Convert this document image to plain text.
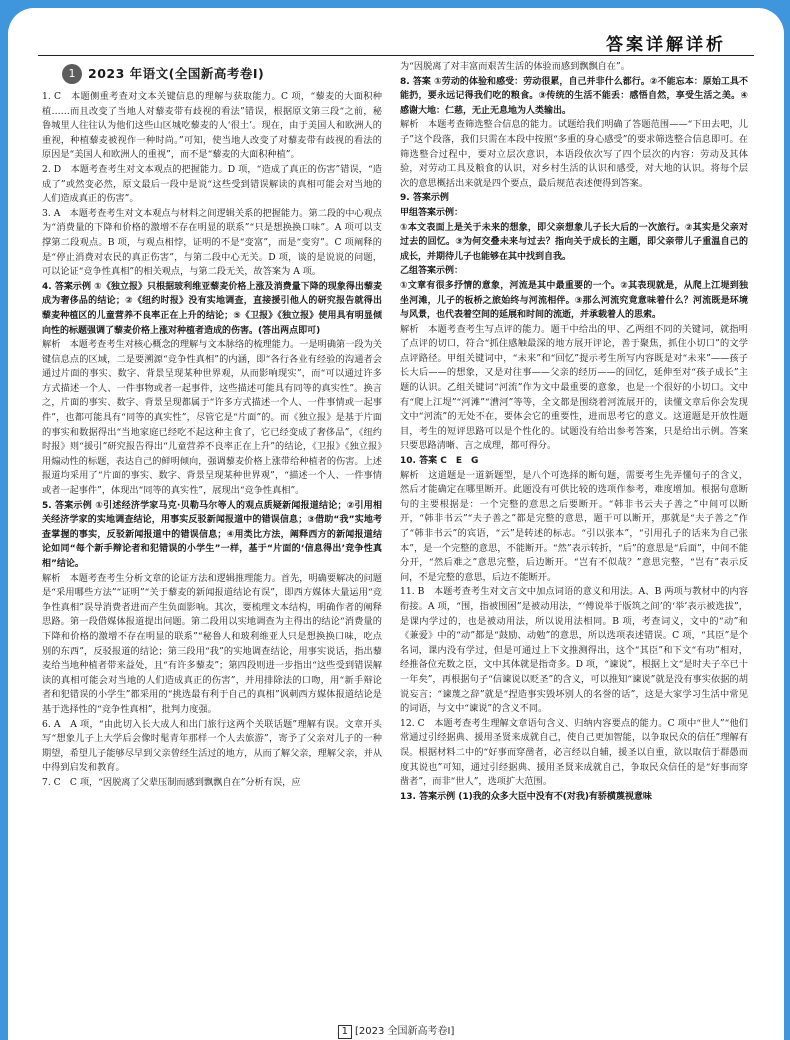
答案详解详析
1	2023 年语文(全国新高考卷Ⅰ)

1. C　本题侧重考查对文本关键信息的理解与获取能力。C 项，“藜麦的大面积种植……而且改变了当地人对藜麦带有歧视的看法”错误，根据原文第三段“之前，秘鲁城里人往往认为他们这些山区城吃藜麦的人‘很土’。现在，由于美国人和欧洲人的重视，种植藜麦被视作一种时尚。”可知，使当地人改变了对藜麦带有歧视的看法的原因是“美国人和欧洲人的重视”，而不是“藜麦的大面积种植”。

2. D　本题考查考生对文本观点的把握能力。D 项，“造成了真正的伤害”错误，“造成了”或然变必然，原文最后一段中是说“这些受到错误解读的真相可能会对当地的人们造成真正的伤害”。

3. A　本题考查考生对文本观点与材料之间逻辑关系的把握能力。第二段的中心观点为“消费量的下降和价格的激增不存在明显的联系”“只是想换换口味”。A 项可以支撑第二段观点。B 项，与观点相悖，证明的不是“变富”，而是“变穷”。C 项阐释的是“停止消费对农民的真正伤害”，与第二段中心无关。D 项，谈的是说说的问题，可以论证“竞争性真相”的相关观点，与第二段无关，故答案为 A 项。

4. 答案示例 ①《独立报》只根据玻利维亚藜麦价格上涨及消费量下降的现象得出藜麦成为奢侈品的结论；②《纽约时报》没有实地调查，直接援引他人的研究报告就得出藜麦种植区的儿童营养不良率正在上升的结论；⑤《卫报》《独立报》使用具有明显倾向性的标题强调了藜麦价格上涨对种植者造成的伤害。(答出两点即可)

解析　本题考查考生对核心概念的理解与文本脉络的梳理能力。一是明确第一段为关键信息点的区域，二是要溯源“竞争性真相”的内涵，即“各行各业有经验的沟通者会通过片面的事实、数字、背景呈现某种世界观，从而影响现实”，而“可以通过许多方式描述一个人、一件事物或者一起事件，这些描述可能具有同等的真实性”。换言之，片面的事实、数字、背景呈现都属于“许多方式描述一个人、一件事情或一起事件”，也都可能具有“同等的真实性”，尽管它是“片面”的。而《独立报》是基于片面的事实和数据得出“当地家庭已经吃不起这种主食了，它已经变成了奢侈品”，《纽约时报》则“援引”研究报告得出“儿童营养不良率正在上升”的结论，《卫报》《独立报》用煽动性的标题，表达自己的鲜明倾向，强调藜麦价格上涨带给种植者的伤害。上述报道均采用了“片面的事实、数字、背景呈现某种世界观”，“描述一个人、一件事情或者一起事件”，体现出“同等的真实性”，展现出“竞争性真相”。

5. 答案示例 ①引述经济学家马克·贝勒马尔等人的观点质疑新闻报道结论；②引用相关经济学家的实地调查结论，用事实反驳新闻报道中的错误信息；③借助“我”实地考查掌握的事实，反驳新闻报道中的错误信息；④用类比方法，阐释西方的新闻报道结论如同“每个新手辩论者和犯错误的小学生”一样，基于“片面的‘信息得出’竞争性真相”结论。

解析　本题考查考生分析文章的论证方法和逻辑推理能力。首先，明确要解决的问题是“采用哪些方法”“证明”“关于藜麦的新闻报道结论有误”，即西方媒体大量运用“竞争性真相”误导消费者进而产生负面影响。其次，要梳理文本结构，明确作者的阐释思路。第一段借媒体报道提出问题。第二段用以实地调查为主得出的结论“消费量的下降和价格的激增不存在明显的联系”“秘鲁人和玻利维亚人只是想换换口味，吃点别的东西”，反驳报道的结论；第三段用“我”的实地调查结论，用事实说话，指出藜麦给当地种植者带来益处，且“有许多藜麦”；第四段则进一步指出“这些受到错误解读的真相可能会对当地的人们造成真正的伤害”，并用排除法的口吻，用“新手辩论者和犯错误的小学生”都采用的“挑选最有利于自己的真相”讽刺西方媒体报道结论是基于选择性的“竞争性真相”，批判力度强。

6. A　A 项，“由此切入长大成人和出门旅行这两个关联话题”理解有误。文章开头写“想象儿子上大学后会像时髦青年那样一个人去旅游”，寄予了父亲对儿子的一种期望，希望儿子能够尽早到父亲曾经生活过的地方，从而了解父亲，理解父亲，并从中得到启发和教育。

7. C　C 项，“因脱离了父辈压制而感到飘飘自在”分析有误，应

为“因脱离了对丰富而艰苦生活的体验而感到飘飘自在”。

8. 答案 ①劳动的体验和感受：劳动很累，自己并非什么都行。②不能忘本：原始工具不能扔，要永远记得我们吃的粮食。③传统的生活不能丢：感悟自然，享受生活之美。④感谢大地：仁慈，无止无息地为人类输出。

解析　本题考查筛选整合信息的能力。试题给我们明确了答题范围——“下田去吧，儿子”这个段落，我们只需在本段中按照“多重的身心感受”的要求筛选整合信息即可。在筛选整合过程中，要对立层次意识，本语段依次写了四个层次的内容：劳动及其体验，对劳动工具及粮食的认识，对乡村生活的认识和感受，对大地的认识。将每个层次的意思概括出来就是四个要点，最后规范表述便得到答案。

9. 答案示例

甲组答案示例：

①本文表面上是关于未来的想象，即父亲想象儿子长大后的一次旅行。②其实是父亲对过去的回忆。③为何交叠未来与过去？指向关于成长的主题，即父亲带儿子重温自己的成长，并期待儿子也能够在其中找到自我。

乙组答案示例：

①文章有很多抒情的意象，河流是其中最重要的一个。②其表现就是，从爬上江堤到独坐河滩，儿子的板桥之旅始终与河流相伴。③那么河流究竟意味着什么？河流既是环境与风景，也代表着空间的延展和时间的流逝，并承载着人的思索。

解析　本题考查考生写点评的能力。题干中给出的甲、乙两组不同的关键词，就指明了点评的切口，符合“抓住感触最深的地方展开评论，善于聚焦，抓住小切口”的文学点评路径。甲组关键词中，“未来”和“回忆”提示考生所写内容既是对“未来”——孩子长大后——的想象，又是对往事——父亲的经历——的回忆，延伸至对“孩子成长”主题的认识。乙组关键词“河流”作为文中最重要的意象，也是一个很好的小切口。文中有“爬上江堤”“河滩”“漕河”等等，全文都是围绕着河流展开的，读懂文章后你会发现文中“河流”的无处不在，要体会它的重要性，进而思考它的意义。这道题是开放性题目，考生的短评思路可以是个性化的。试题没有给出参考答案，只是给出示例。答案只要思路清晰、言之成理，都可得分。

10. 答案 C　E　G

解析　这道题是一道新题型，是八个可选择的断句题，需要考生先弄懂句子的含义，然后才能确定在哪里断开。此题没有可供比较的选项作参考，难度增加。根据句意断句的主要根据是：一个完整的意思之后要断开。“韩非书云夫子善之”中间可以断开，“韩非书云”“夫子善之”都是完整的意思，题干可以断开，那就是“夫子善之”作了“韩非书云”的宾语，“云”是转述的标志。“引以张本”，“引用孔子的话来为自己张本”，是一个完整的意思，不能断开。“然”表示转折，“后”的意思是“后面”，中间不能分开，“然后难之”意思完整，后边断开。“岂有不似哉？”意思完整，“岂有”表示反问，不是完整的意思，后边不能断开。

11. B　本题考查考生对文言文中加点词语的意义和用法。A、B 两项与教材中的内容衔接。A 项，“围，指被围困”是被动用法，“‘傅说举于版筑之间’的‘举’表示被选拔”，是课内学过的，也是被动用法，所以说用法相同。B 项，考查词义，文中的“动”和《兼爱》中的“动”都是“鼓励、动勉”的意思，所以选项表述错误。C 项，“其臣”是个名词，课内没有学过，但是可通过上下文推测得出，这个“其臣”和下文“有功”相对，经推备位充数之臣，文中其体就是指奇多。D 项，“谏说”，根据上文“是时夫子卒已十一年矣”，再根据句子“信谏说以贬圣”的含义，可以推知“谏说”就是没有事实依据的胡说妄言；“谏蔑之辞”就是“捏造事实毁坏别人的名誉的话”，这是大家学习生活中常见的词语，与文中“谏说”的含义不同。

12. C　本题考查考生理解文章语句含义、归纳内容要点的能力。C 项中“世人”“他们常通过引经据典、援用圣贤来成就自己，使自己更加智能，以争取民众的信任”理解有误。根据材料二中的“好事而穿凿者，必言经以自辅，援圣以自重，欲以取信于群愚而度其说也”可知，通过引经据典、援用圣贤来成就自己，争取民众信任的是“好事而穿凿者”，而非“世人”，选项扩大范围。

13. 答案示例 (1)我的众多大臣中没有不(对我)有骄横蔑视意味

1 [2023 全国新高考卷Ⅰ]
